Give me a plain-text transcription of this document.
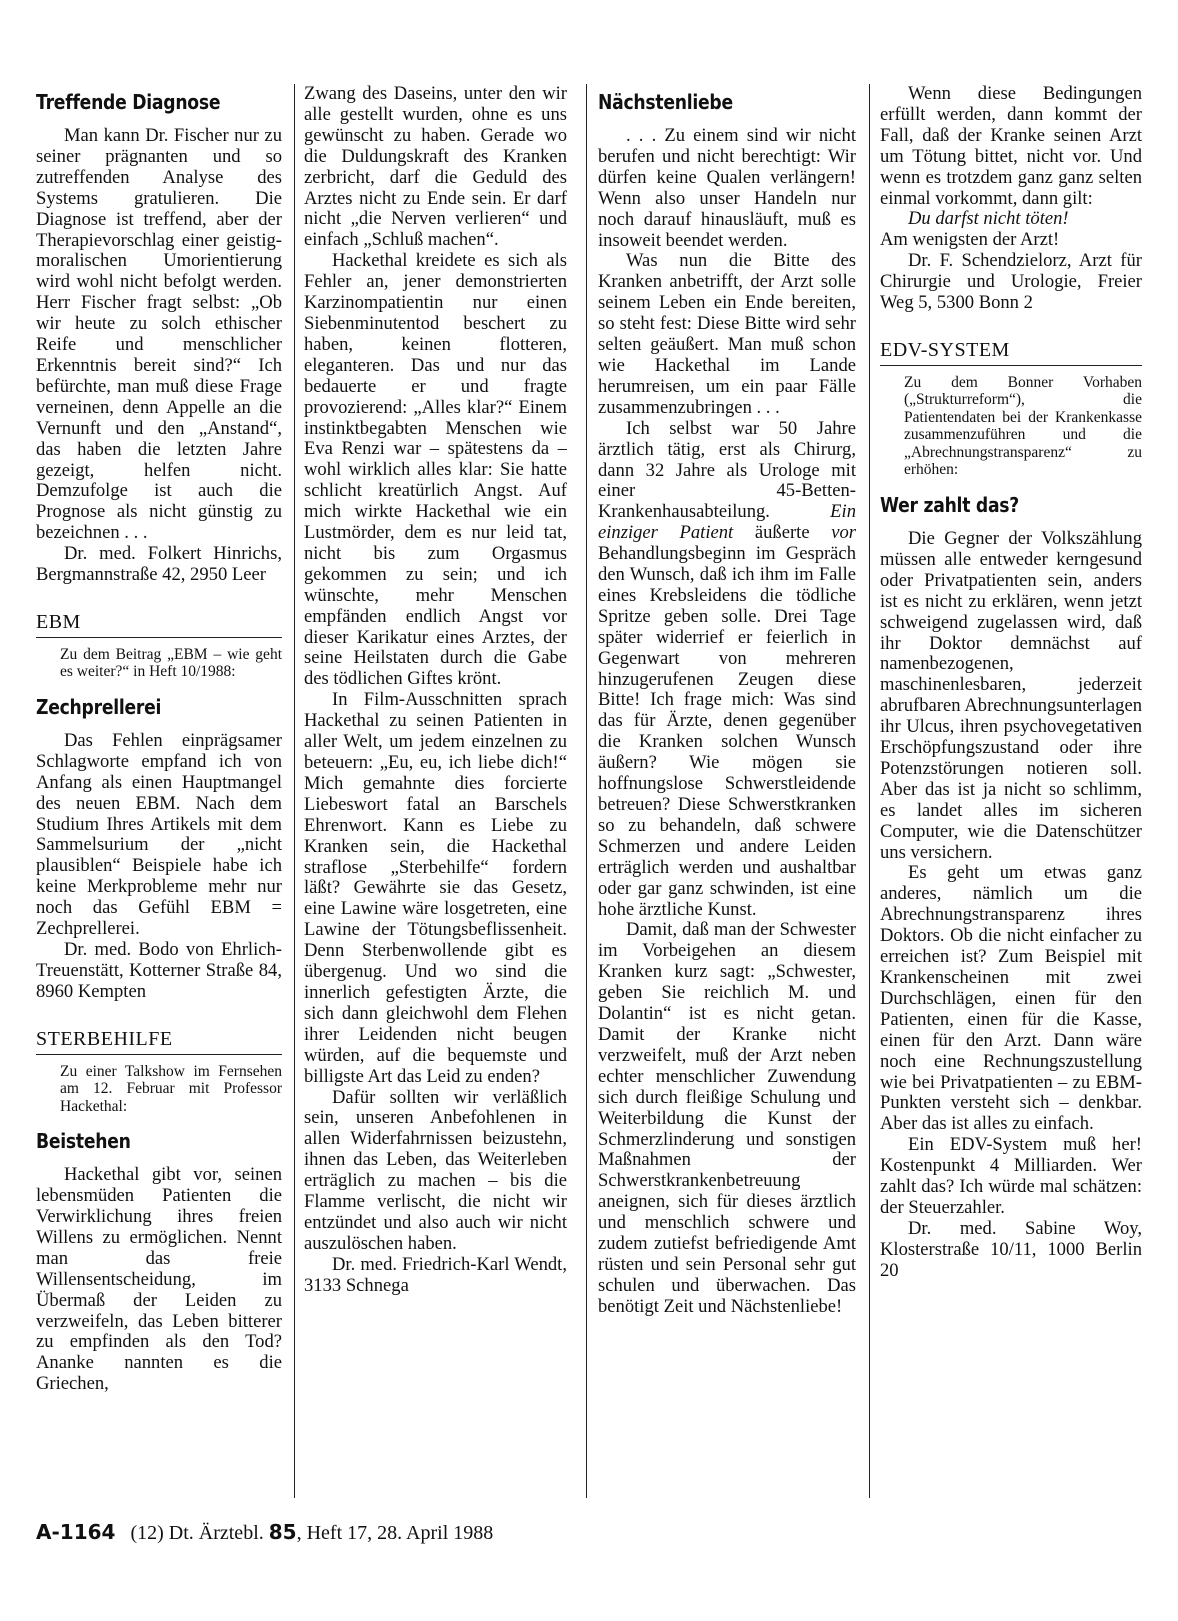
Treffende Diagnose

Man kann Dr. Fischer nur zu seiner prägnanten und so zutreffenden Analyse des Systems gratulieren. Die Diagnose ist treffend, aber der Therapievorschlag einer geistig-moralischen Umorientierung wird wohl nicht befolgt werden. Herr Fischer fragt selbst: „Ob wir heute zu solch ethischer Reife und menschlicher Erkenntnis bereit sind?“ Ich befürchte, man muß diese Frage verneinen, denn Appelle an die Vernunft und den „Anstand“, das haben die letzten Jahre gezeigt, helfen nicht. Demzufolge ist auch die Prognose als nicht günstig zu bezeichnen . . .

Dr. med. Folkert Hinrichs, Bergmannstraße 42, 2950 Leer

EBM

Zu dem Beitrag „EBM – wie geht es weiter?“ in Heft 10/1988:

Zechprellerei

Das Fehlen einprägsamer Schlagworte empfand ich von Anfang als einen Hauptmangel des neuen EBM. Nach dem Studium Ihres Artikels mit dem Sammelsurium der „nicht plausiblen“ Beispiele habe ich keine Merkprobleme mehr nur noch das Gefühl EBM = Zechprellerei.

Dr. med. Bodo von Ehrlich-Treuenstätt, Kotterner Straße 84, 8960 Kempten

STERBEHILFE

Zu einer Talkshow im Fernsehen am 12. Februar mit Professor Hackethal:

Beistehen

Hackethal gibt vor, seinen lebensmüden Patienten die Verwirklichung ihres freien Willens zu ermöglichen. Nennt man das freie Willensentscheidung, im Übermaß der Leiden zu verzweifeln, das Leben bitterer zu empfinden als den Tod? Ananke nannten es die Griechen,

Zwang des Daseins, unter den wir alle gestellt wurden, ohne es uns gewünscht zu haben. Gerade wo die Duldungskraft des Kranken zerbricht, darf die Geduld des Arztes nicht zu Ende sein. Er darf nicht „die Nerven verlieren“ und einfach „Schluß machen“.

Hackethal kreidete es sich als Fehler an, jener demonstrierten Karzinompatientin nur einen Siebenminutentod beschert zu haben, keinen flotteren, eleganteren. Das und nur das bedauerte er und fragte provozierend: „Alles klar?“ Einem instinktbegabten Menschen wie Eva Renzi war – spätestens da – wohl wirklich alles klar: Sie hatte schlicht kreatürlich Angst. Auf mich wirkte Hackethal wie ein Lustmörder, dem es nur leid tat, nicht bis zum Orgasmus gekommen zu sein; und ich wünschte, mehr Menschen empfänden endlich Angst vor dieser Karikatur eines Arztes, der seine Heilstaten durch die Gabe des tödlichen Giftes krönt.

In Film-Ausschnitten sprach Hackethal zu seinen Patienten in aller Welt, um jedem einzelnen zu beteuern: „Eu, eu, ich liebe dich!“ Mich gemahnte dies forcierte Liebeswort fatal an Barschels Ehrenwort. Kann es Liebe zu Kranken sein, die Hackethal straflose „Sterbehilfe“ fordern läßt? Gewährte sie das Gesetz, eine Lawine wäre losgetreten, eine Lawine der Tötungsbeflissenheit. Denn Sterbenwollende gibt es übergenug. Und wo sind die innerlich gefestigten Ärzte, die sich dann gleichwohl dem Flehen ihrer Leidenden nicht beugen würden, auf die bequemste und billigste Art das Leid zu enden?

Dafür sollten wir verläßlich sein, unseren Anbefohlenen in allen Widerfahrnissen beizustehn, ihnen das Leben, das Weiterleben erträglich zu machen – bis die Flamme verlischt, die nicht wir entzündet und also auch wir nicht auszulöschen haben.

Dr. med. Friedrich-Karl Wendt, 3133 Schnega

Nächstenliebe

. . . Zu einem sind wir nicht berufen und nicht berechtigt: Wir dürfen keine Qualen verlängern! Wenn also unser Handeln nur noch darauf hinausläuft, muß es insoweit beendet werden.

Was nun die Bitte des Kranken anbetrifft, der Arzt solle seinem Leben ein Ende bereiten, so steht fest: Diese Bitte wird sehr selten geäußert. Man muß schon wie Hackethal im Lande herumreisen, um ein paar Fälle zusammenzubringen . . .

Ich selbst war 50 Jahre ärztlich tätig, erst als Chirurg, dann 32 Jahre als Urologe mit einer 45-Betten-Krankenhausabteilung. Ein einziger Patient äußerte vor Behandlungsbeginn im Gespräch den Wunsch, daß ich ihm im Falle eines Krebsleidens die tödliche Spritze geben solle. Drei Tage später widerrief er feierlich in Gegenwart von mehreren hinzugerufenen Zeugen diese Bitte! Ich frage mich: Was sind das für Ärzte, denen gegenüber die Kranken solchen Wunsch äußern? Wie mögen sie hoffnungslose Schwerstleidende betreuen? Diese Schwerstkranken so zu behandeln, daß schwere Schmerzen und andere Leiden erträglich werden und aushaltbar oder gar ganz schwinden, ist eine hohe ärztliche Kunst.

Damit, daß man der Schwester im Vorbeigehen an diesem Kranken kurz sagt: „Schwester, geben Sie reichlich M. und Dolantin“ ist es nicht getan. Damit der Kranke nicht verzweifelt, muß der Arzt neben echter menschlicher Zuwendung sich durch fleißige Schulung und Weiterbildung die Kunst der Schmerzlinderung und sonstigen Maßnahmen der Schwerstkrankenbetreuung aneignen, sich für dieses ärztlich und menschlich schwere und zudem zutiefst befriedigende Amt rüsten und sein Personal sehr gut schulen und überwachen. Das benötigt Zeit und Nächstenliebe!

Wenn diese Bedingungen erfüllt werden, dann kommt der Fall, daß der Kranke seinen Arzt um Tötung bittet, nicht vor. Und wenn es trotzdem ganz ganz selten einmal vorkommt, dann gilt:

Du darfst nicht töten!

Am wenigsten der Arzt!

Dr. F. Schendzielorz, Arzt für Chirurgie und Urologie, Freier Weg 5, 5300 Bonn 2

EDV-SYSTEM

Zu dem Bonner Vorhaben („Strukturreform“), die Patientendaten bei der Krankenkasse zusammenzuführen und die „Abrechnungstransparenz“ zu erhöhen:

Wer zahlt das?

Die Gegner der Volkszählung müssen alle entweder kerngesund oder Privatpatienten sein, anders ist es nicht zu erklären, wenn jetzt schweigend zugelassen wird, daß ihr Doktor demnächst auf namenbezogenen, maschinenlesbaren, jederzeit abrufbaren Abrechnungsunterlagen ihr Ulcus, ihren psychovegetativen Erschöpfungszustand oder ihre Potenzstörungen notieren soll. Aber das ist ja nicht so schlimm, es landet alles im sicheren Computer, wie die Datenschützer uns versichern.

Es geht um etwas ganz anderes, nämlich um die Abrechnungstransparenz ihres Doktors. Ob die nicht einfacher zu erreichen ist? Zum Beispiel mit Krankenscheinen mit zwei Durchschlägen, einen für den Patienten, einen für die Kasse, einen für den Arzt. Dann wäre noch eine Rechnungszustellung wie bei Privatpatienten – zu EBM-Punkten versteht sich – denkbar. Aber das ist alles zu einfach.

Ein EDV-System muß her! Kostenpunkt 4 Milliarden. Wer zahlt das? Ich würde mal schätzen: der Steuerzahler.

Dr. med. Sabine Woy, Klosterstraße 10/11, 1000 Berlin 20

A-1164 (12) Dt. Ärztebl. 85, Heft 17, 28. April 1988
